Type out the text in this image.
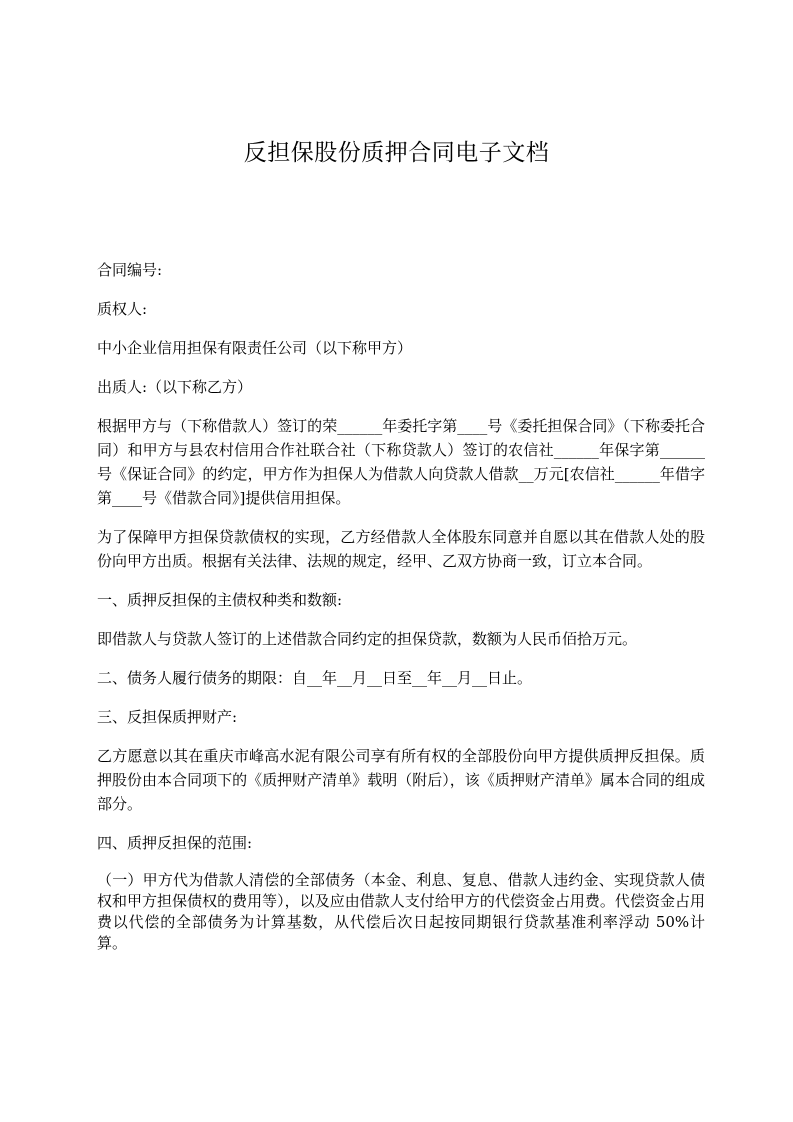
反担保股份质押合同电子文档

合同编号:

质权人:

中小企业信用担保有限责任公司（以下称甲方）

出质人:（以下称乙方）

根据甲方与（下称借款人）签订的荣______年委托字第____号《委托担保合同》（下称委托合同）和甲方与县农村信用合作社联合社（下称贷款人）签订的农信社______年保字第______号《保证合同》的约定，甲方作为担保人为借款人向贷款人借款__万元[农信社______年借字第____号《借款合同》]提供信用担保。

为了保障甲方担保贷款债权的实现，乙方经借款人全体股东同意并自愿以其在借款人处的股份向甲方出质。根据有关法律、法规的规定，经甲、乙双方协商一致，订立本合同。

一、质押反担保的主债权种类和数额:

即借款人与贷款人签订的上述借款合同约定的担保贷款，数额为人民币佰拾万元。

二、债务人履行债务的期限：自__年__月__日至__年__月__日止。

三、反担保质押财产:

乙方愿意以其在重庆市峰高水泥有限公司享有所有权的全部股份向甲方提供质押反担保。质押股份由本合同项下的《质押财产清单》载明（附后），该《质押财产清单》属本合同的组成部分。

四、质押反担保的范围:

（一）甲方代为借款人清偿的全部债务（本金、利息、复息、借款人违约金、实现贷款人债权和甲方担保债权的费用等），以及应由借款人支付给甲方的代偿资金占用费。代偿资金占用费以代偿的全部债务为计算基数，从代偿后次日起按同期银行贷款基准利率浮动 50%计算。
